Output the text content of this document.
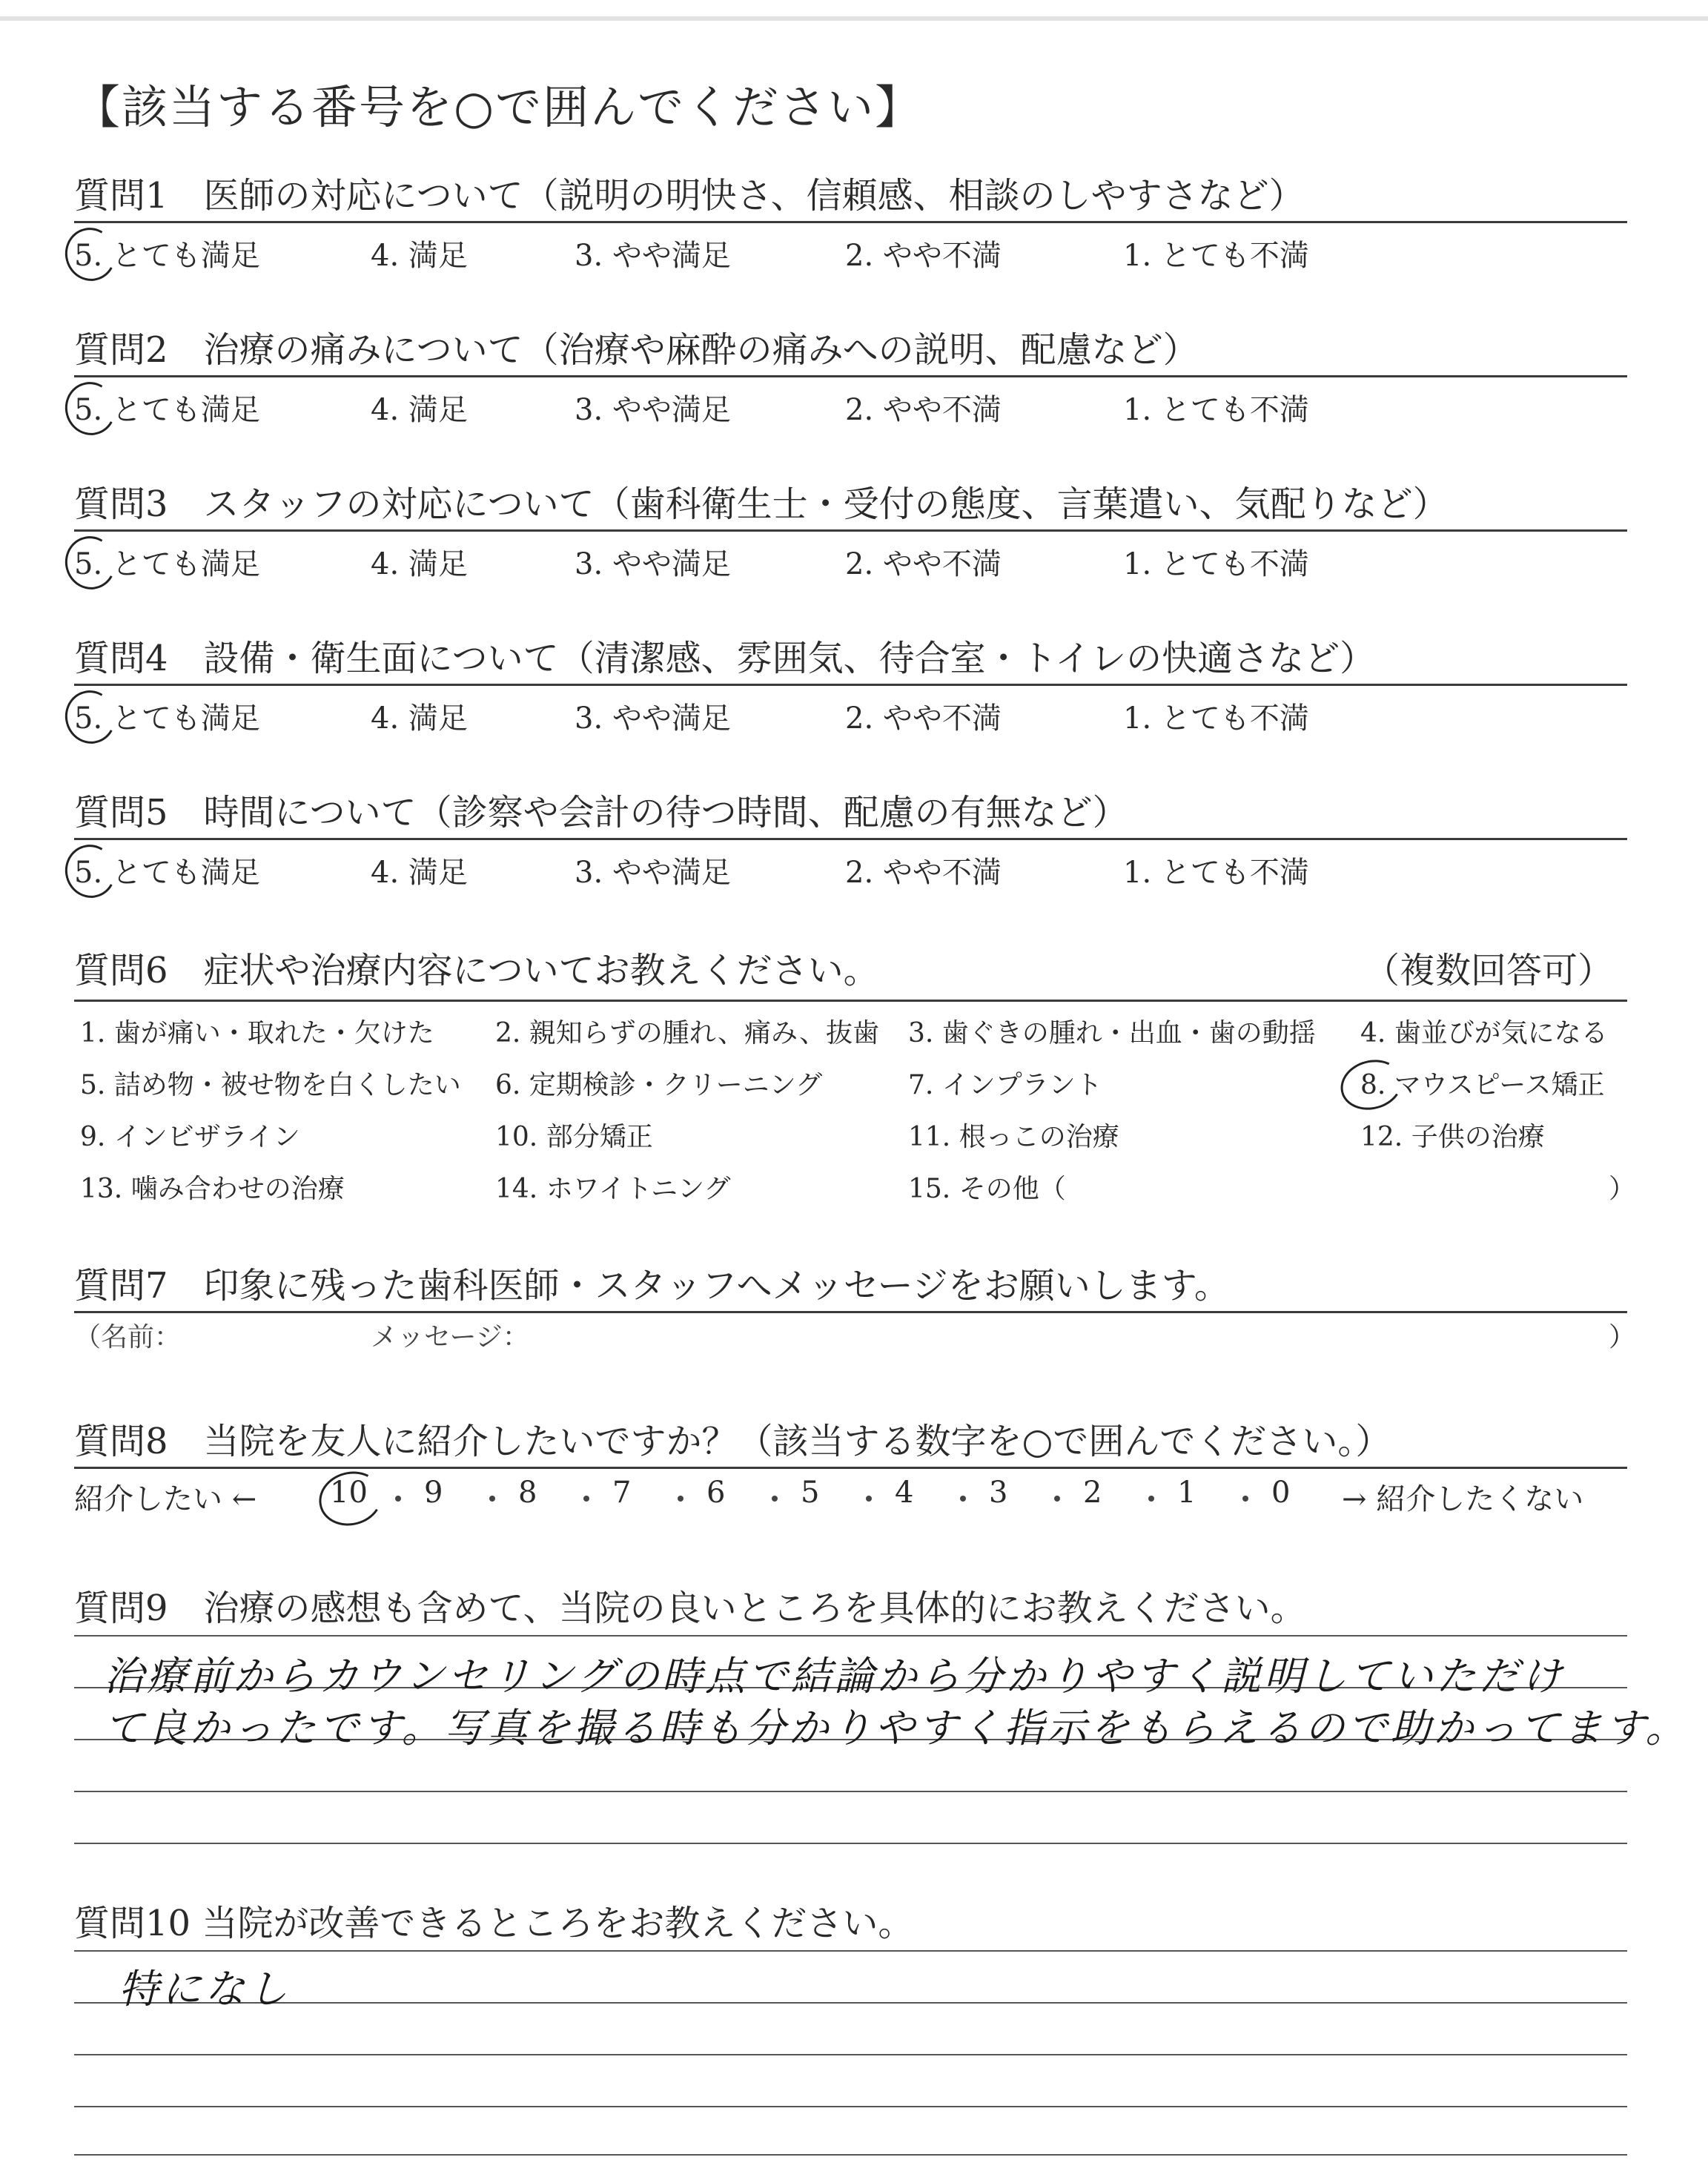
【該当する番号を○で囲んでください】
質問1　医師の対応について（説明の明快さ、信頼感、相談のしやすさなど）
5. とても満足	4. 満足	3. やや満足	2. やや不満	1. とても不満
質問2　治療の痛みについて（治療や麻酔の痛みへの説明、配慮など）
5. とても満足	4. 満足	3. やや満足	2. やや不満	1. とても不満
質問3　スタッフの対応について（歯科衛生士・受付の態度、言葉遣い、気配りなど）
5. とても満足	4. 満足	3. やや満足	2. やや不満	1. とても不満
質問4　設備・衛生面について（清潔感、雰囲気、待合室・トイレの快適さなど）
5. とても満足	4. 満足	3. やや満足	2. やや不満	1. とても不満
質問5　時間について（診察や会計の待つ時間、配慮の有無など）
5. とても満足	4. 満足	3. やや満足	2. やや不満	1. とても不満
質問6　症状や治療内容についてお教えください。	（複数回答可）
1. 歯が痛い・取れた・欠けた 2. 親知らずの腫れ、痛み、抜歯 3. 歯ぐきの腫れ・出血・歯の動揺 4. 歯並びが気になる
5. 詰め物・被せ物を白くしたい 6. 定期検診・クリーニング	7. インプラント	8. マウスピース矯正
9. インビザライン	10. 部分矯正	11. 根っこの治療	12. 子供の治療
13. 噛み合わせの治療	14. ホワイトニング	15. その他（	）
質問7　印象に残った歯科医師・スタッフへメッセージをお願いします。
（名前：	メッセージ：	）
質問8　当院を友人に紹介したいですか？（該当する数字を○で囲んでください。）
紹介したい ← 10 9	8	7	6	5	4	3	2	1	0 → 紹介したくない
質問9　治療の感想も含めて、当院の良いところを具体的にお教えください。
治療前からカウンセリングの時点で結論から分かりやすく説明していただけ
て良かったです。写真を撮る時も分かりやすく指示をもらえるので助かってます。
質問10 当院が改善できるところをお教えください。
特になし
